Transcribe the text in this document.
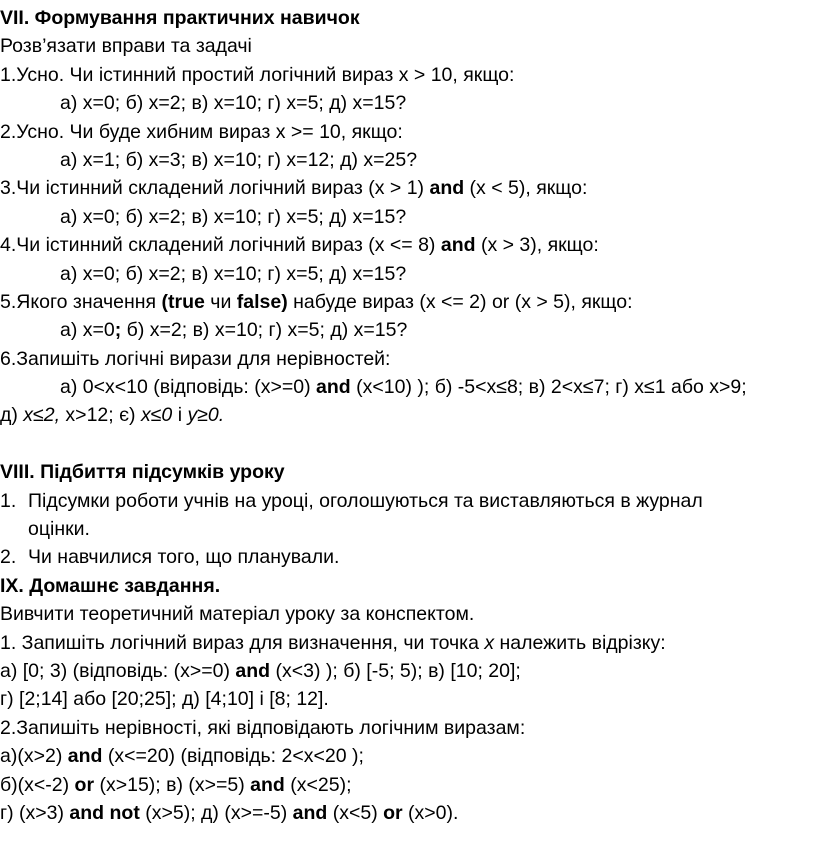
VII. Формування практичних навичок
Розв’язати вправи та задачі
1.Усно. Чи істинний простий логічний вираз x > 10, якщо:
а) x=0; б) x=2; в) x=10; г) x=5; д) x=15?
2.Усно. Чи буде хибним вираз x >= 10, якщо:
а) x=1; б) x=3; в) x=10; г) x=12; д) x=25?
3.Чи істинний складений логічний вираз (x > 1) and (x < 5), якщо:
а) x=0; б) x=2; в) x=10; г) x=5; д) x=15?
4.Чи істинний складений логічний вираз (x <= 8) and (x > 3), якщо:
а) x=0; б) x=2; в) x=10; г) x=5; д) x=15?
5.Якого значення (true чи false) набуде вираз (x <= 2) or (x > 5), якщо:
а) x=0; б) x=2; в) x=10; г) x=5; д) x=15?
6.Запишіть логічні вирази для нерівностей:
а) 0<x<10 (відповідь: (x>=0) and (x<10) ); б) -5<x≤8; в) 2<x≤7; г) x≤1 або x>9;
д) x≤2, x>12; є) x≤0 і y≥0.
VIII. Підбиття підсумків уроку
1. Підсумки роботи учнів на уроці, оголошуються та виставляються в журнал
оцінки.
2. Чи навчилися того, що планували.
IX. Домашнє завдання.
Вивчити теоретичний матеріал уроку за конспектом.
1. Запишіть логічний вираз для визначення, чи точка x належить відрізку:
а) [0; 3) (відповідь: (x>=0) and (x<3) ); б) [-5; 5); в) [10; 20];
г) [2;14] або [20;25]; д) [4;10] і [8; 12].
2.Запишіть нерівності, які відповідають логічним виразам:
а)(x>2) and (x<=20) (відповідь: 2<x<20 );
б)(x<-2) or (x>15); в) (x>=5) and (x<25);
г) (x>3) and not (x>5); д) (x>=-5) and (x<5) or (x>0).
